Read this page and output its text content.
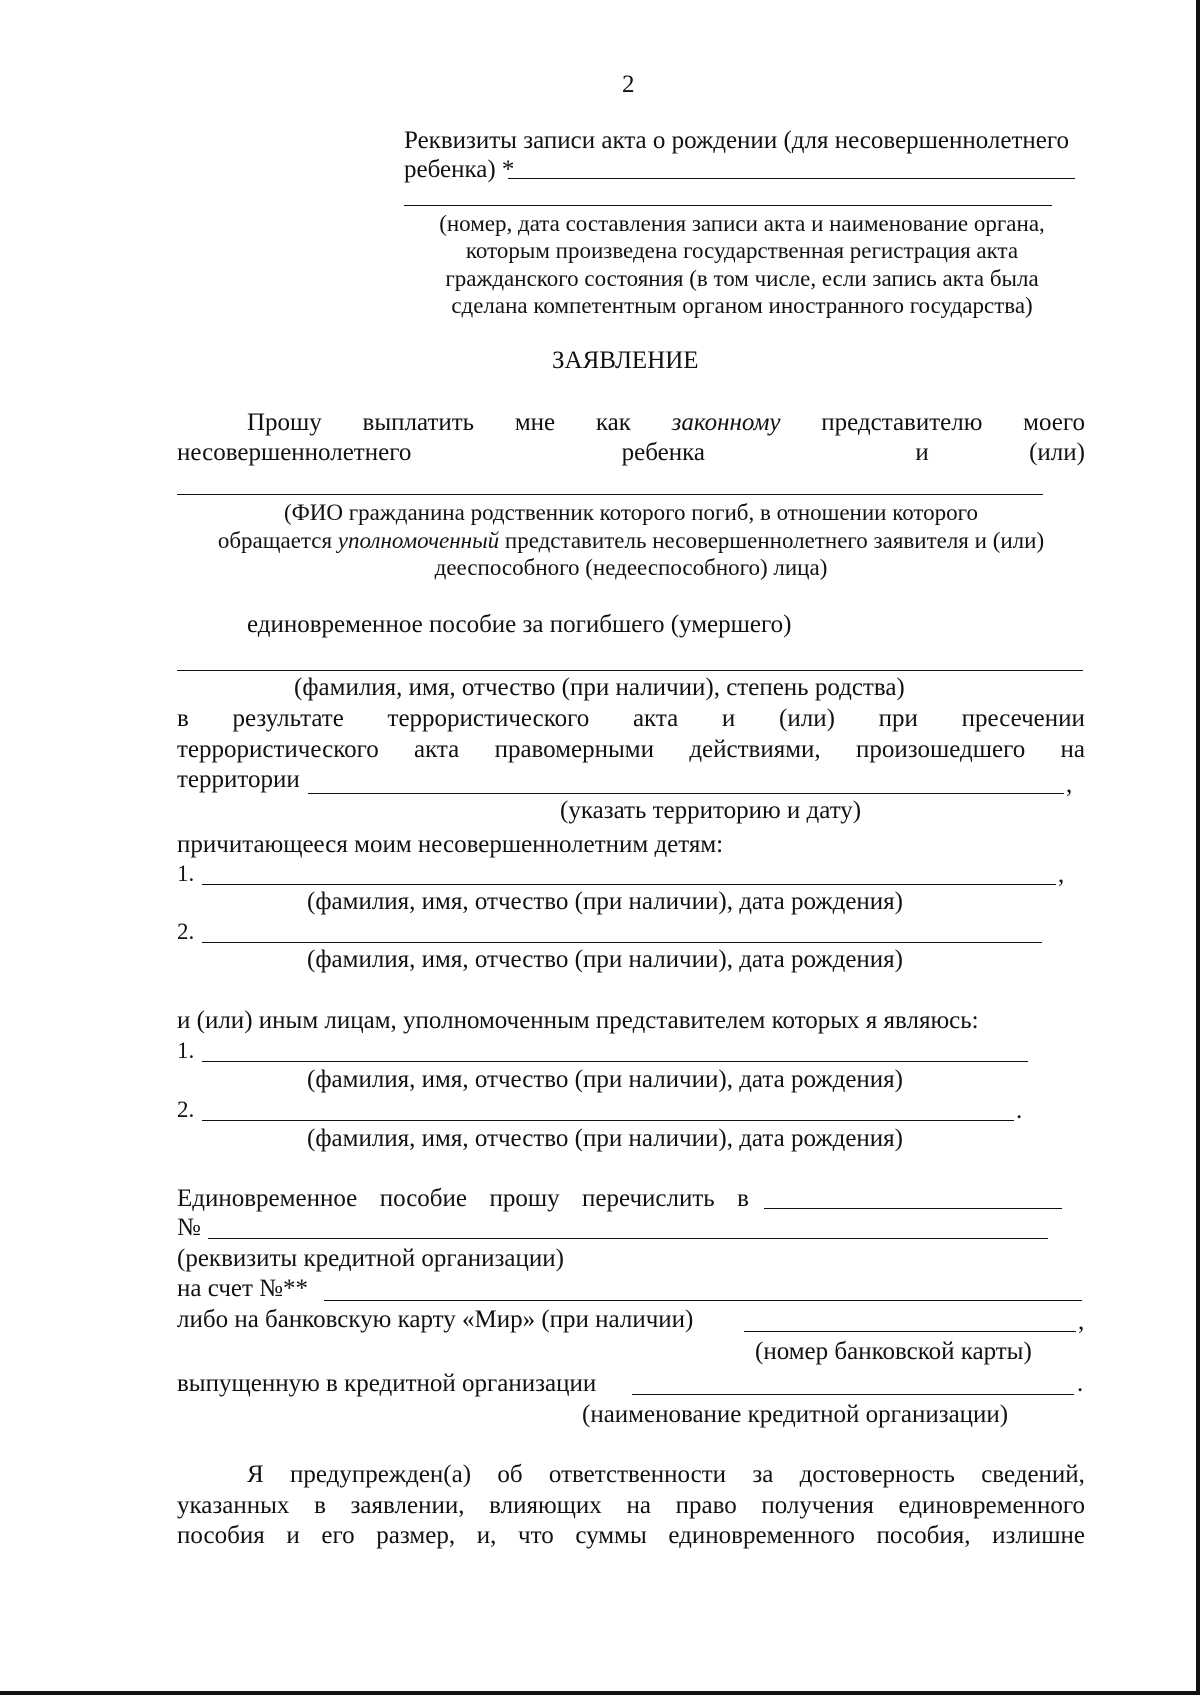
2
Реквизиты записи акта о рождении (для несовершеннолетнего
ребенка) *
(номер, дата составления записи акта и наименование органа,
которым произведена государственная регистрация акта
гражданского состояния (в том числе, если запись акта была
сделана компетентным органом иностранного государства)
ЗАЯВЛЕНИЕ
Прошу выплатить мне как законному представителю моего
несовершеннолетнего	ребенка	и	(или)
(ФИО гражданина родственник которого погиб, в отношении которого
обращается уполномоченный представитель несовершеннолетнего заявителя и (или)
дееспособного (недееспособного) лица)
единовременное пособие за погибшего (умершего)
(фамилия, имя, отчество (при наличии), степень родства)
в результате террористического акта и (или) при пресечении
террористического акта правомерными действиями, произошедшего на
территории	,
(указать территорию и дату)
причитающееся моим несовершеннолетним детям:
1.	,
(фамилия, имя, отчество (при наличии), дата рождения)
2.
(фамилия, имя, отчество (при наличии), дата рождения)
и (или) иным лицам, уполномоченным представителем которых я являюсь:
1.
(фамилия, имя, отчество (при наличии), дата рождения)
2.	.
(фамилия, имя, отчество (при наличии), дата рождения)
Единовременное пособие прошу перечислить в
№
(реквизиты кредитной организации)
на счет №**
либо на банковскую карту «Мир» (при наличии)	,
(номер банковской карты)
выпущенную в кредитной организации	.
(наименование кредитной организации)
Я предупрежден(а) об ответственности за достоверность сведений,
указанных в заявлении, влияющих на право получения единовременного
пособия и его размер, и, что суммы единовременного пособия, излишне
